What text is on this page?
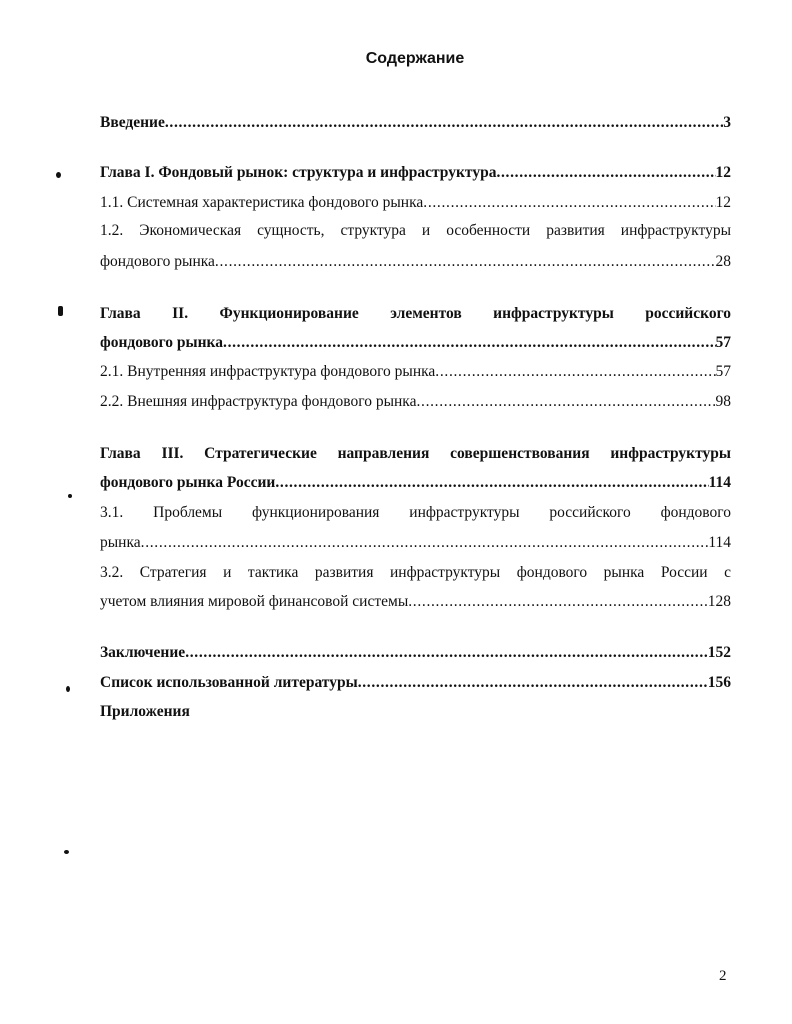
Содержание
Введение . . .	3
Глава I. Фондовый рынок: структура и инфраструктура . . .	12
1.1. Системная характеристика фондового рынка . . .	12
1.2. Экономическая сущность, структура и особенности развития инфраструктуры
фондового рынка . . .	28
Глава II. Функционирование элементов инфраструктуры российского
фондового рынка . . .	57
2.1. Внутренняя инфраструктура фондового рынка . . .	57
2.2. Внешняя инфраструктура фондового рынка . . .	98
Глава III. Стратегические направления совершенствования инфраструктуры
фондового рынка России . . .	114
3.1. Проблемы функционирования инфраструктуры российского фондового
рынка . . .	114
3.2. Стратегия и тактика развития инфраструктуры фондового рынка России с
учетом влияния мировой финансовой системы . . .	128
Заключение . . .	152
Список использованной литературы . . .	156
Приложения
2
